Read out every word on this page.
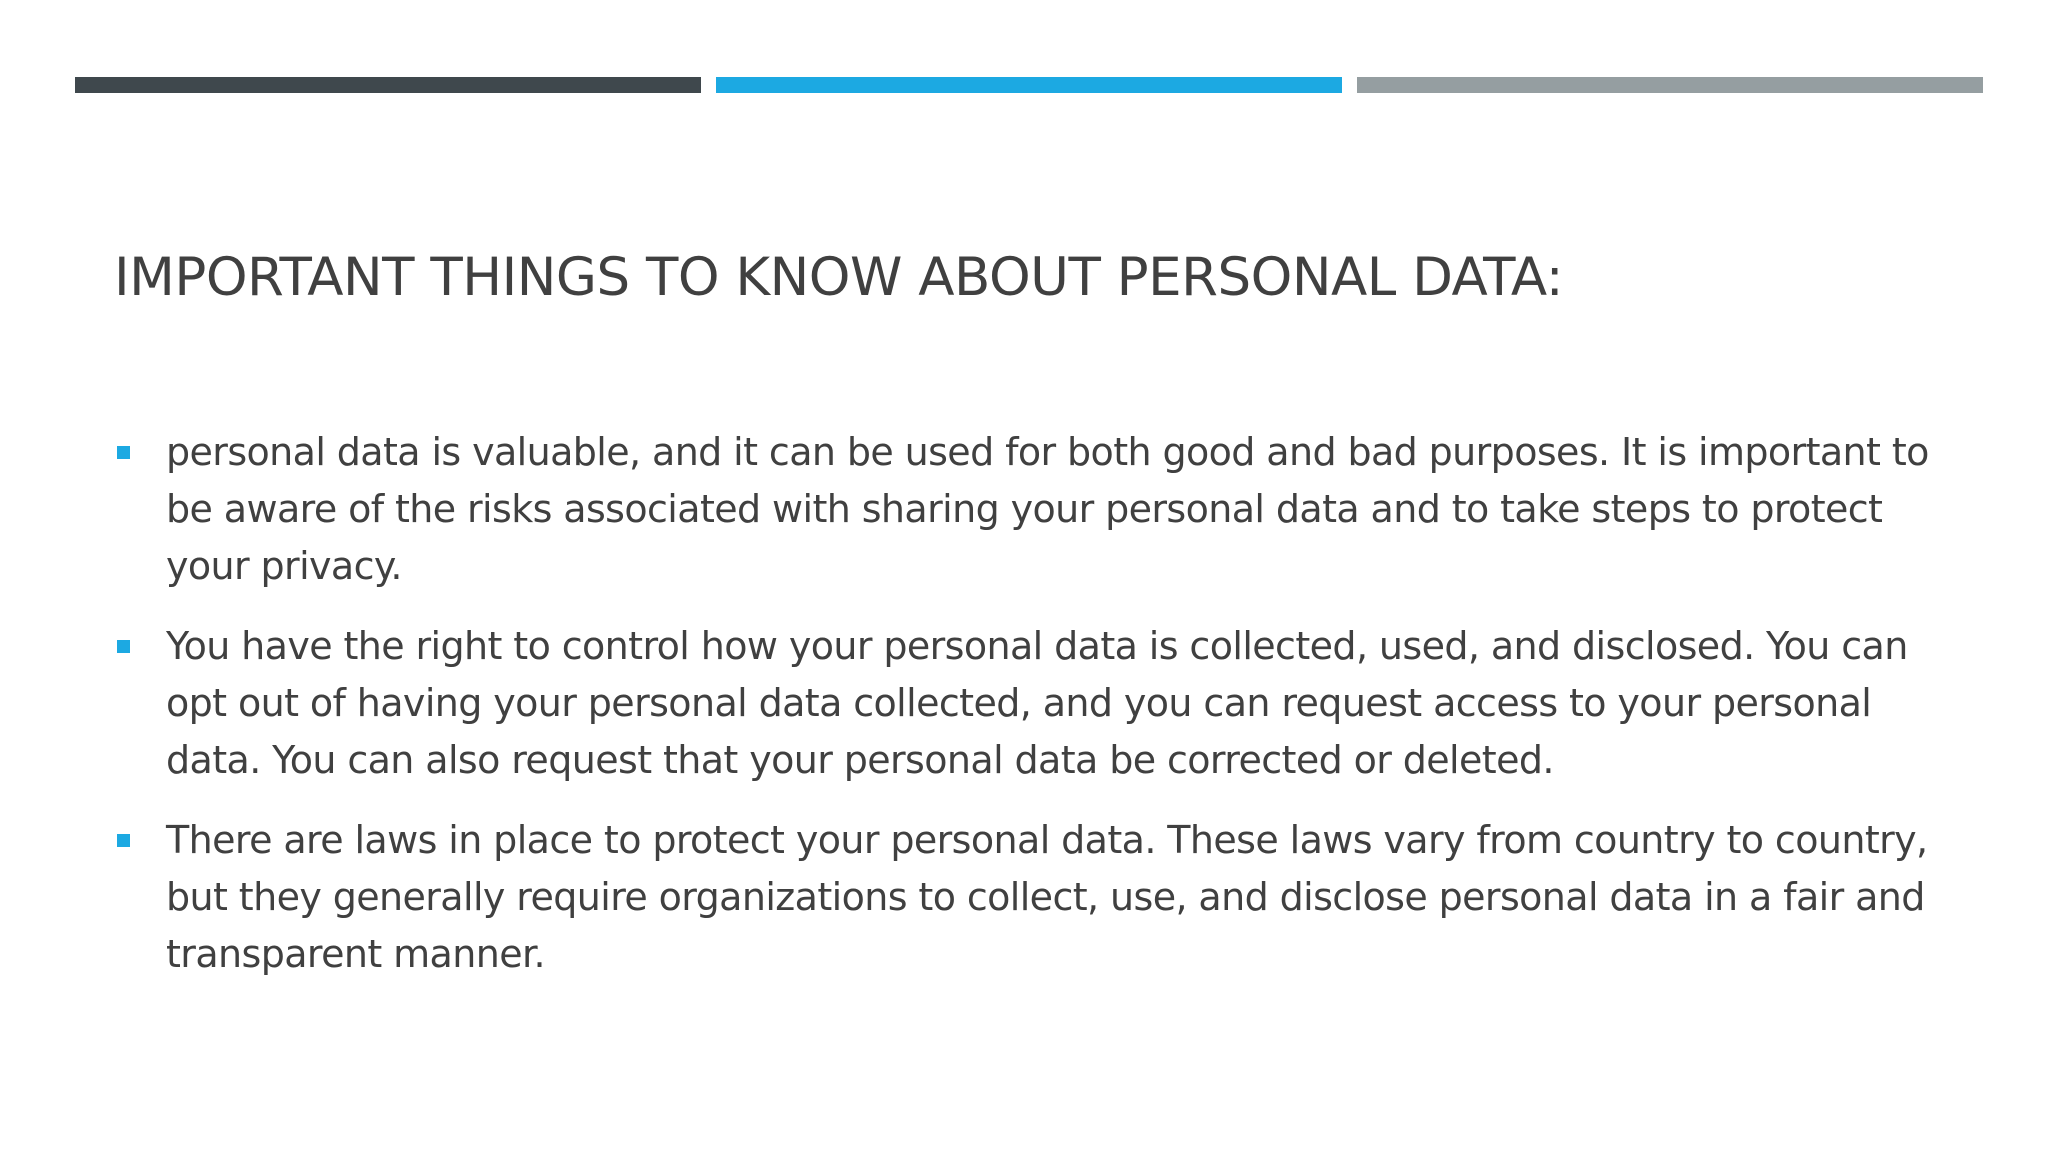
IMPORTANT THINGS TO KNOW ABOUT PERSONAL DATA:
personal data is valuable, and it can be used for both good and bad purposes. It is important to be aware of the risks associated with sharing your personal data and to take steps to protect your privacy.
You have the right to control how your personal data is collected, used, and disclosed. You can opt out of having your personal data collected, and you can request access to your personal data. You can also request that your personal data be corrected or deleted.
There are laws in place to protect your personal data. These laws vary from country to country, but they generally require organizations to collect, use, and disclose personal data in a fair and transparent manner.
